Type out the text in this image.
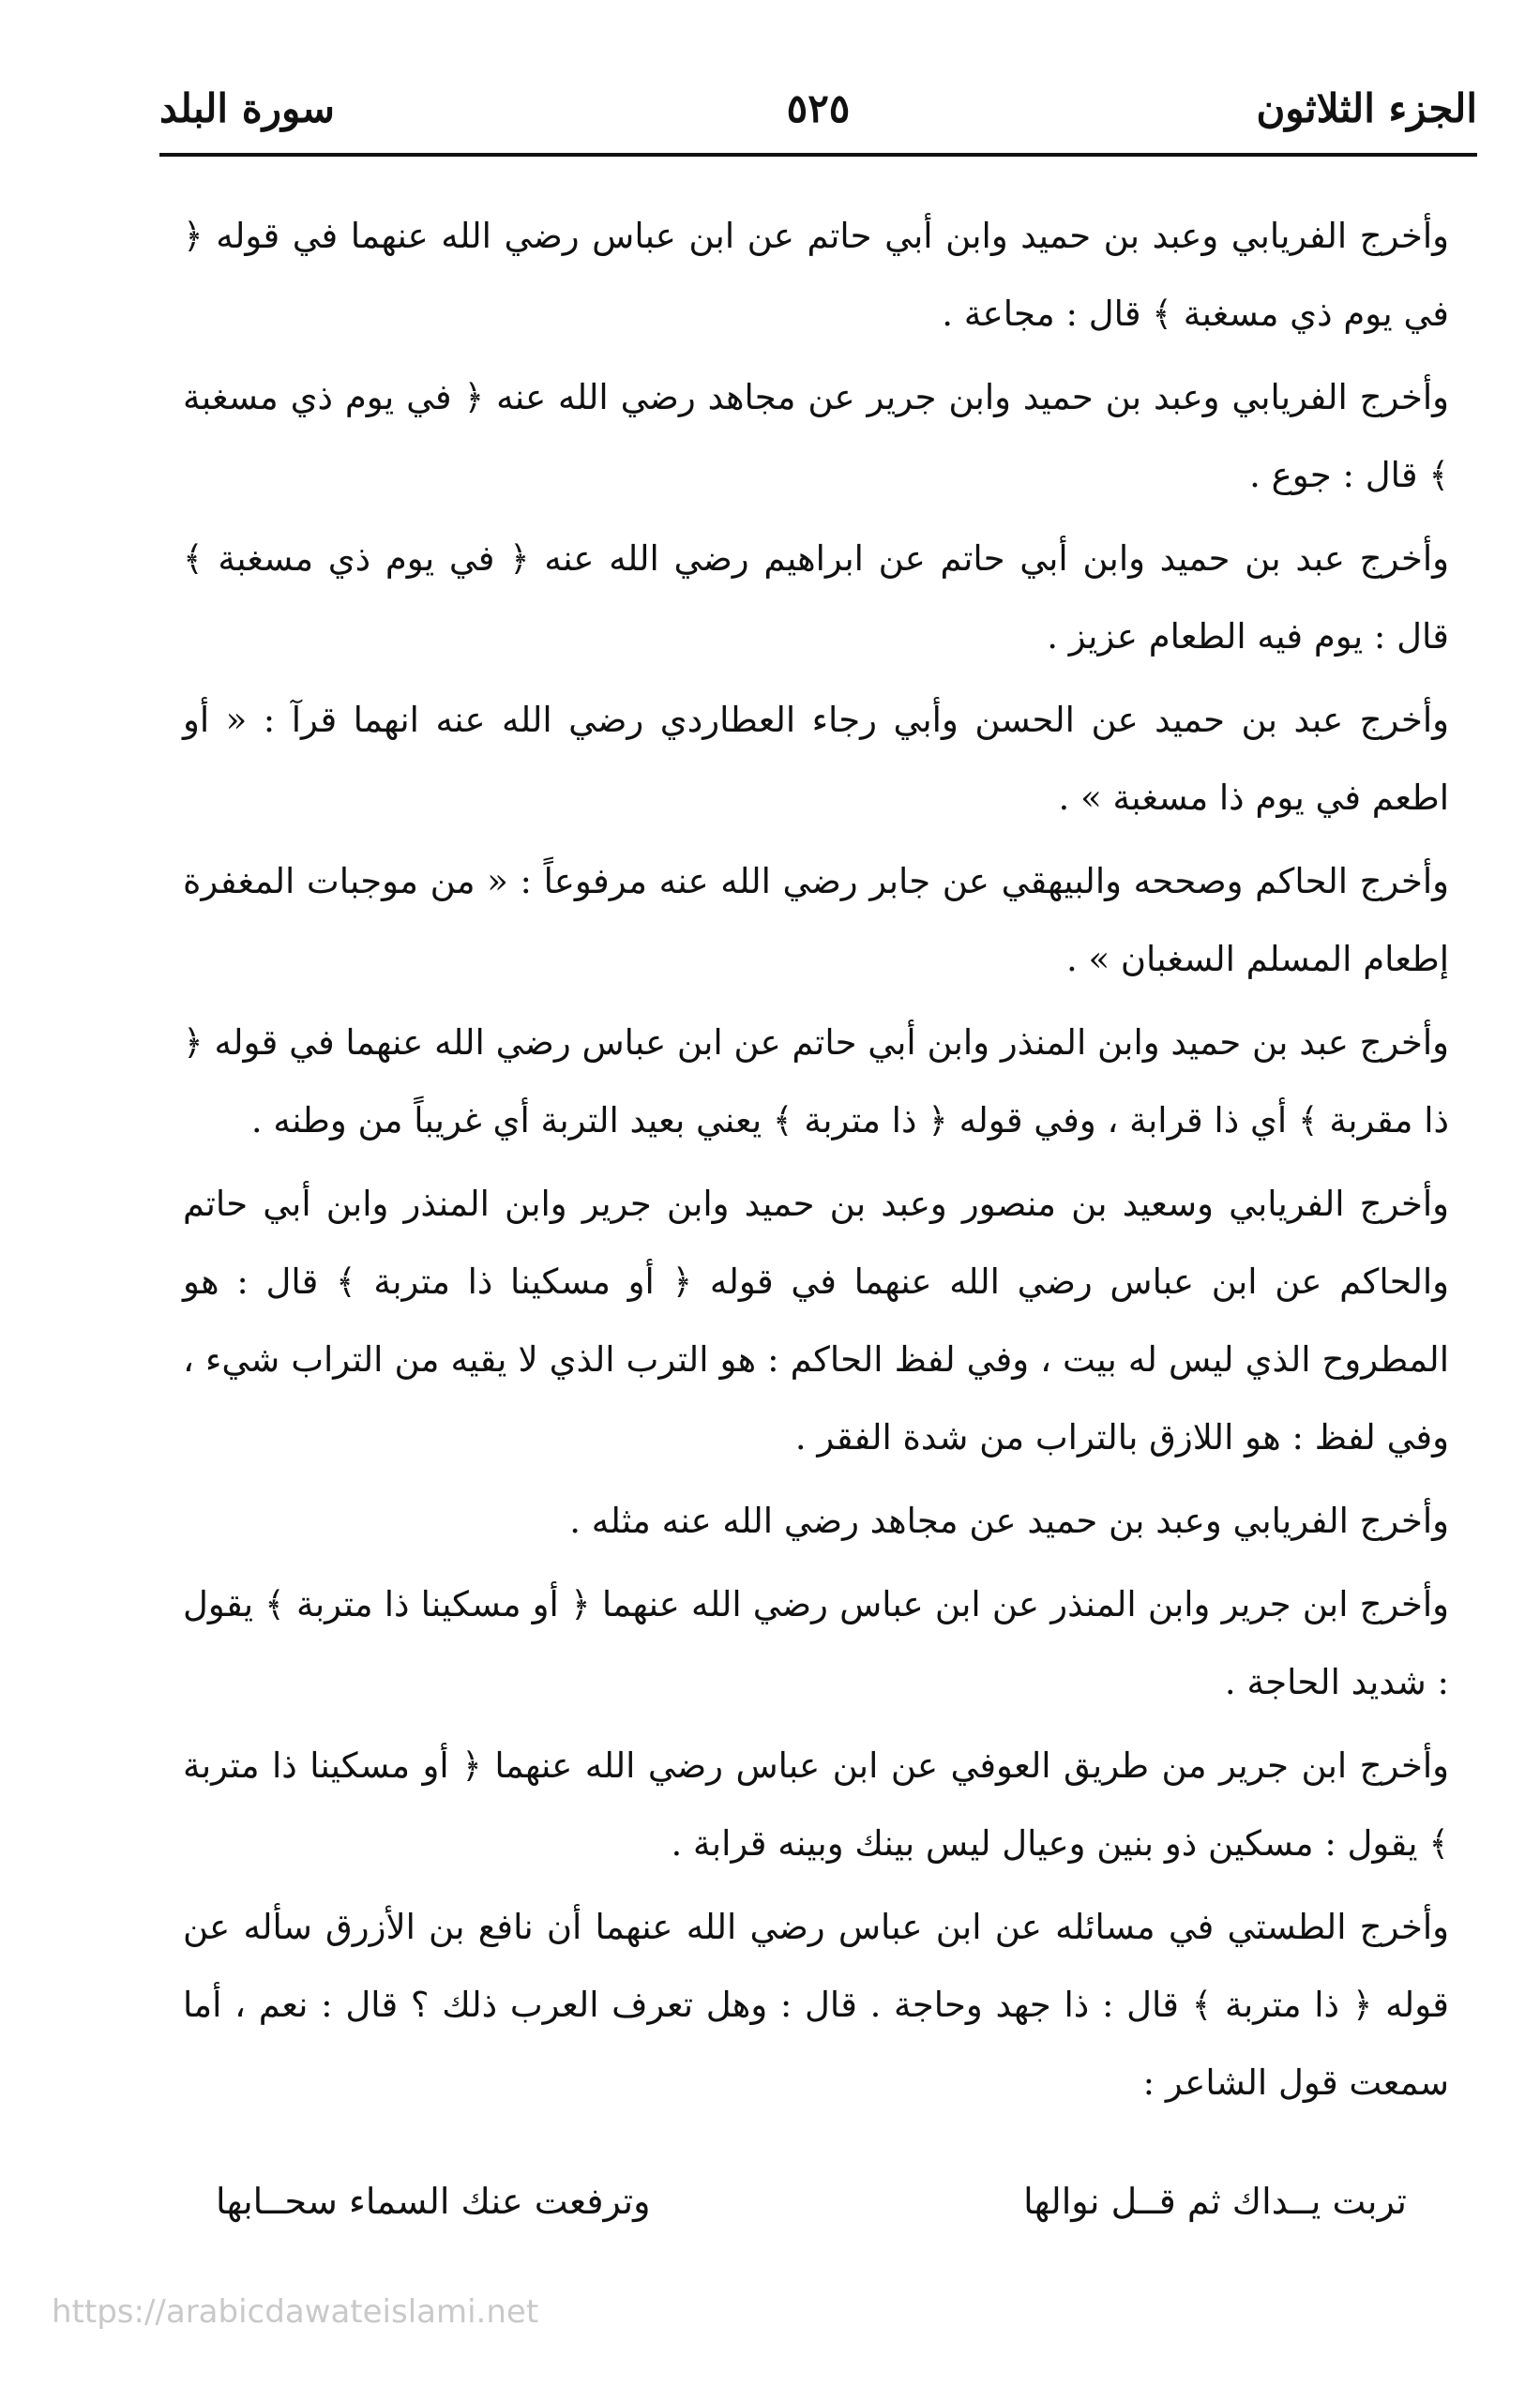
الجزء الثلاثون
٥٢٥
سورة البلد

وأخرج الفريابي وعبد بن حميد وابن أبي حاتم عن ابن عباس رضي الله عنهما في قوله ﴿ في يوم ذي مسغبة ﴾ قال : مجاعة .

وأخرج الفريابي وعبد بن حميد وابن جرير عن مجاهد رضي الله عنه ﴿ في يوم ذي مسغبة ﴾ قال : جوع .

وأخرج عبد بن حميد وابن أبي حاتم عن ابراهيم رضي الله عنه ﴿ في يوم ذي مسغبة ﴾ قال : يوم فيه الطعام عزيز .

وأخرج عبد بن حميد عن الحسن وأبي رجاء العطاردي رضي الله عنه انهما قرآ : « أو اطعم في يوم ذا مسغبة » .

وأخرج الحاكم وصححه والبيهقي عن جابر رضي الله عنه مرفوعاً : « من موجبات المغفرة إطعام المسلم السغبان » .

وأخرج عبد بن حميد وابن المنذر وابن أبي حاتم عن ابن عباس رضي الله عنهما في قوله ﴿ ذا مقربة ﴾ أي ذا قرابة ، وفي قوله ﴿ ذا متربة ﴾ يعني بعيد التربة أي غريباً من وطنه .

وأخرج الفريابي وسعيد بن منصور وعبد بن حميد وابن جرير وابن المنذر وابن أبي حاتم والحاكم عن ابن عباس رضي الله عنهما في قوله ﴿ أو مسكينا ذا متربة ﴾ قال : هو المطروح الذي ليس له بيت ، وفي لفظ الحاكم : هو الترب الذي لا يقيه من التراب شيء ، وفي لفظ : هو اللازق بالتراب من شدة الفقر .

وأخرج الفريابي وعبد بن حميد عن مجاهد رضي الله عنه مثله .

وأخرج ابن جرير وابن المنذر عن ابن عباس رضي الله عنهما ﴿ أو مسكينا ذا متربة ﴾ يقول : شديد الحاجة .

وأخرج ابن جرير من طريق العوفي عن ابن عباس رضي الله عنهما ﴿ أو مسكينا ذا متربة ﴾ يقول : مسكين ذو بنين وعيال ليس بينك وبينه قرابة .

وأخرج الطستي في مسائله عن ابن عباس رضي الله عنهما أن نافع بن الأزرق سأله عن قوله ﴿ ذا متربة ﴾ قال : ذا جهد وحاجة . قال : وهل تعرف العرب ذلك ؟ قال : نعم ، أما سمعت قول الشاعر :

تربت يــداك ثم قــل نوالها
وترفعت عنك السماء سحــابها
https://arabicdawateislami.net
